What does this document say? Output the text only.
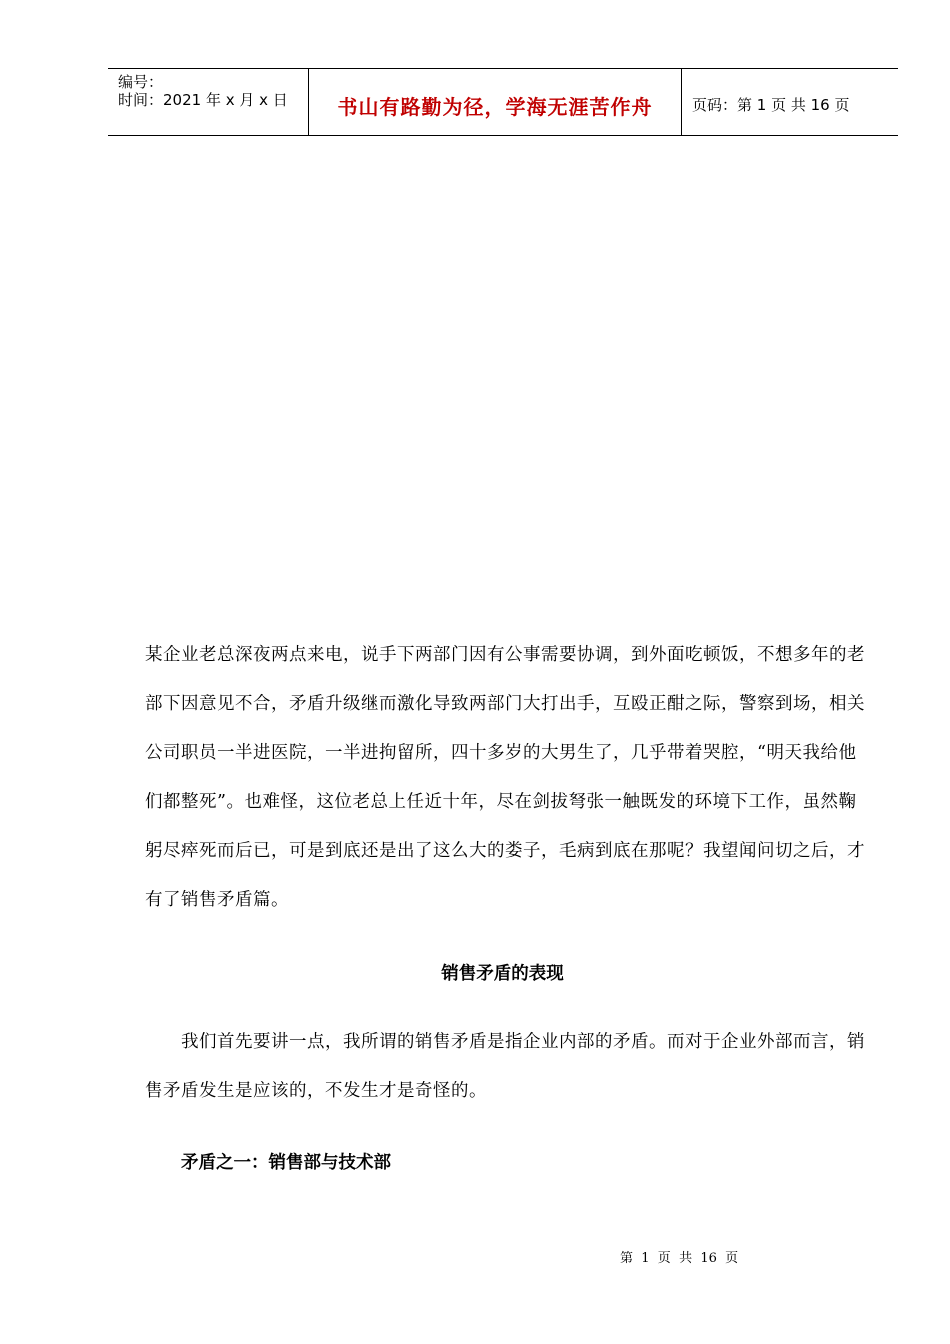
编号：
时间：2021 年 x 月 x 日	书山有路勤为径，学海无涯苦作舟	页码：第 1 页 共 16 页
某企业老总深夜两点来电，说手下两部门因有公事需要协调，到外面吃顿饭，不想多年的老部下因意见不合，矛盾升级继而激化导致两部门大打出手，互殴正酣之际，警察到场，相关公司职员一半进医院，一半进拘留所，四十多岁的大男生了，几乎带着哭腔，“明天我给他们都整死”。也难怪，这位老总上任近十年，尽在剑拔弩张一触既发的环境下工作，虽然鞠躬尽瘁死而后已，可是到底还是出了这么大的娄子，毛病到底在那呢？我望闻问切之后，才有了销售矛盾篇。
销售矛盾的表现
我们首先要讲一点，我所谓的销售矛盾是指企业内部的矛盾。而对于企业外部而言，销售矛盾发生是应该的，不发生才是奇怪的。
矛盾之一：销售部与技术部
第  1  页  共  16  页
